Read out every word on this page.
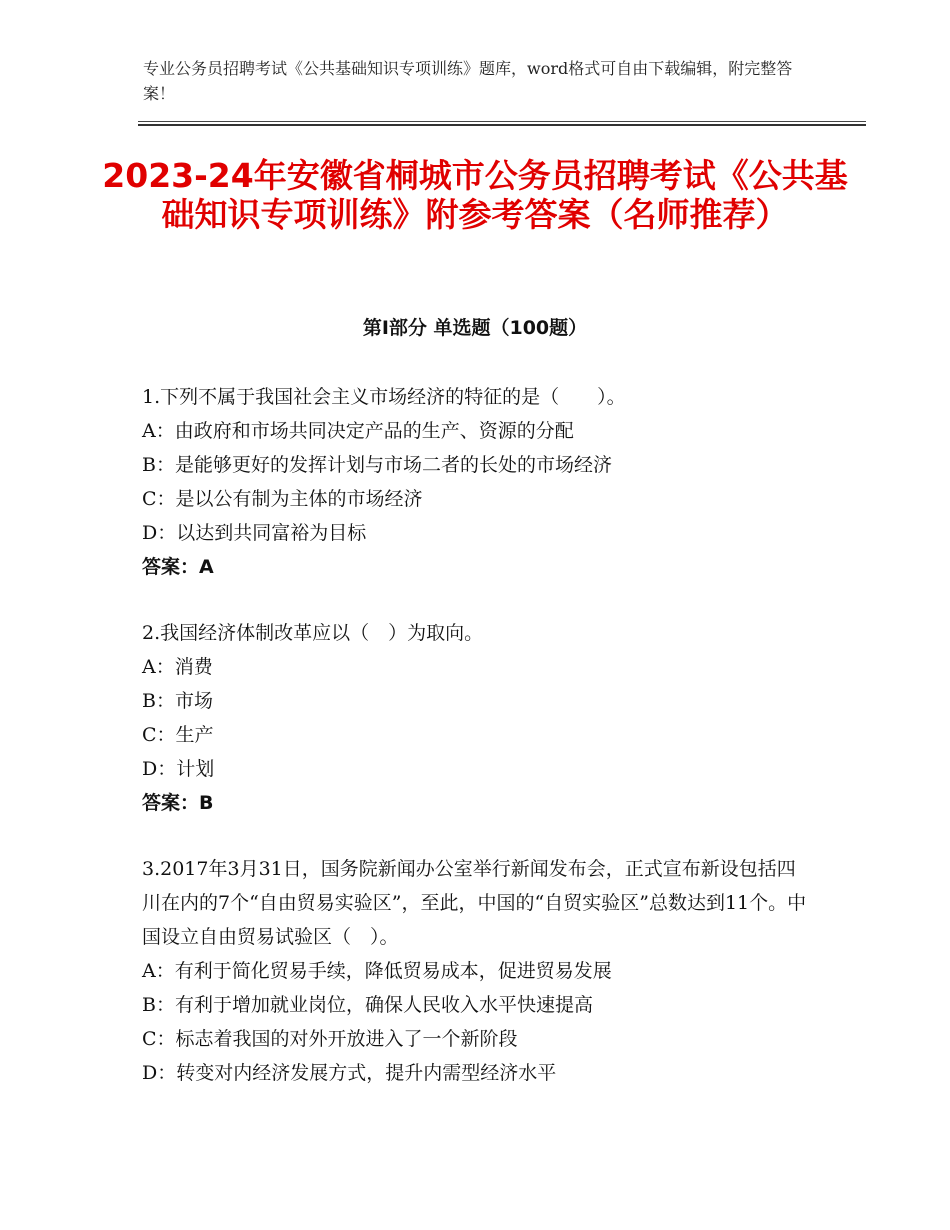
专业公务员招聘考试《公共基础知识专项训练》题库，word格式可自由下载编辑，附完整答案！
2023-24年安徽省桐城市公务员招聘考试《公共基础知识专项训练》附参考答案（名师推荐）
第Ⅰ部分 单选题（100题）
1.下列不属于我国社会主义市场经济的特征的是（　　）。
A：由政府和市场共同决定产品的生产、资源的分配
B：是能够更好的发挥计划与市场二者的长处的市场经济
C：是以公有制为主体的市场经济
D：以达到共同富裕为目标
答案：A
2.我国经济体制改革应以（　）为取向。
A：消费
B：市场
C：生产
D：计划
答案：B
3.2017年3月31日，国务院新闻办公室举行新闻发布会，正式宣布新设包括四川在内的7个“自由贸易实验区”，至此，中国的“自贸实验区”总数达到11个。中国设立自由贸易试验区（　）。
A：有利于简化贸易手续，降低贸易成本，促进贸易发展
B：有利于增加就业岗位，确保人民收入水平快速提高
C：标志着我国的对外开放进入了一个新阶段
D：转变对内经济发展方式，提升内需型经济水平
